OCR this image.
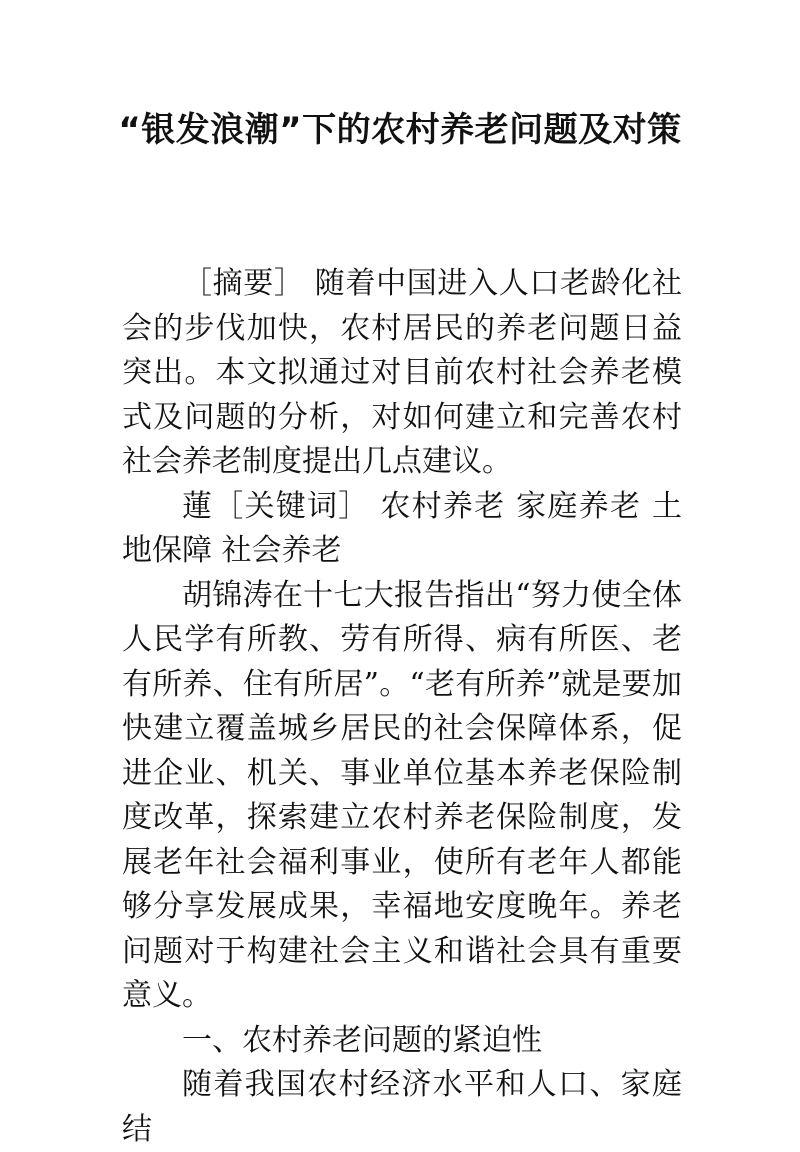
“银发浪潮”下的农村养老问题及对策

［摘要］ 随着中国进入人口老龄化社会的步伐加快，农村居民的养老问题日益突出。本文拟通过对目前农村社会养老模式及问题的分析，对如何建立和完善农村社会养老制度提出几点建议。

蓮［关键词］ 农村养老 家庭养老 土地保障 社会养老

胡锦涛在十七大报告指出“努力使全体人民学有所教、劳有所得、病有所医、老有所养、住有所居”。“老有所养”就是要加快建立覆盖城乡居民的社会保障体系，促进企业、机关、事业单位基本养老保险制度改革，探索建立农村养老保险制度，发展老年社会福利事业，使所有老年人都能够分享发展成果，幸福地安度晚年。养老问题对于构建社会主义和谐社会具有重要意义。

一、农村养老问题的紧迫性

随着我国农村经济水平和人口、家庭结
